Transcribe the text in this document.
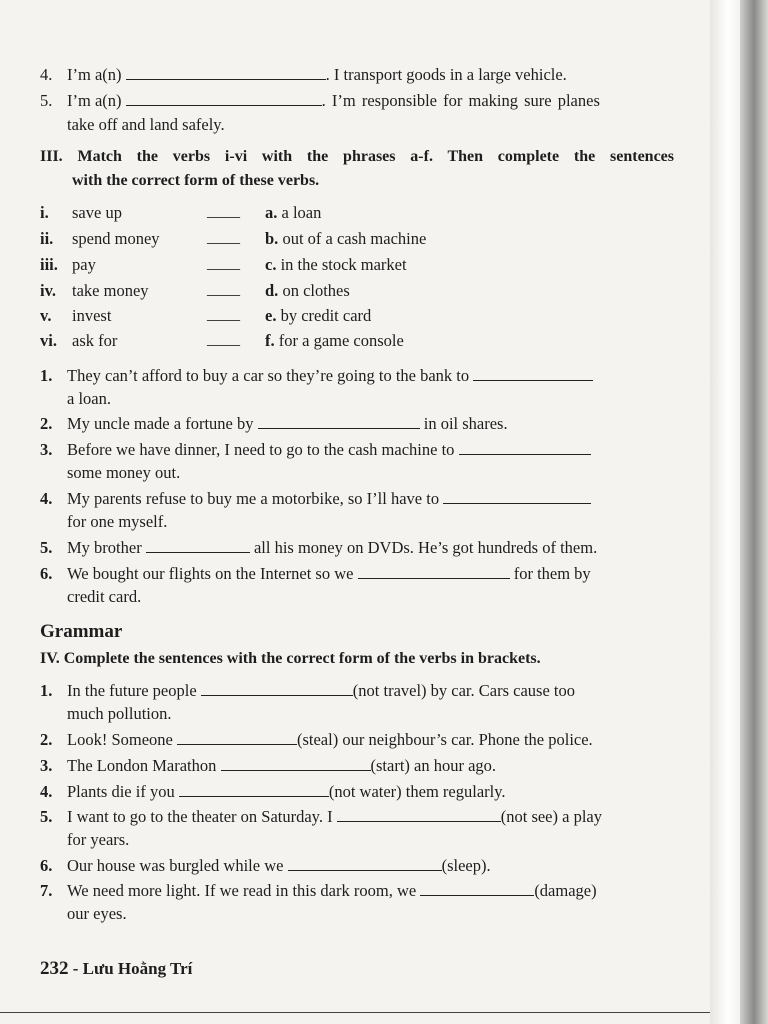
4. I’m a(n)	. I transport goods in a large vehicle.
5. I’m a(n)	. I’m responsible for making sure planes
take off and land safely.
III. Match the verbs i-vi with the phrases a-f. Then complete the sentences
with the correct form of these verbs.
i. save up	____ a. a loan
ii. spend money	____ b. out of a cash machine
iii. pay	____ c. in the stock market
iv. take money	____ d. on clothes
v. invest	____ e. by credit card
vi. ask for	____ f. for a game console
1. They can’t afford to buy a car so they’re going to the bank to
a loan.
2. My uncle made a fortune by	in oil shares.
3. Before we have dinner, I need to go to the cash machine to
some money out.
4. My parents refuse to buy me a motorbike, so I’ll have to
for one myself.
5. My brother	all his money on DVDs. He’s got hundreds of them.
6. We bought our flights on the Internet so we	for them by
credit card.
Grammar
IV. Complete the sentences with the correct form of the verbs in brackets.
1. In the future people	(not travel) by car. Cars cause too
much pollution.
2. Look! Someone	(steal) our neighbour’s car. Phone the police.
3. The London Marathon	(start) an hour ago.
4. Plants die if you	(not water) them regularly.
5. I want to go to the theater on Saturday. I	(not see) a play
for years.
6. Our house was burgled while we	(sleep).
7. We need more light. If we read in this dark room, we	(damage)
our eyes.
232 - Lưu Hoằng Trí
